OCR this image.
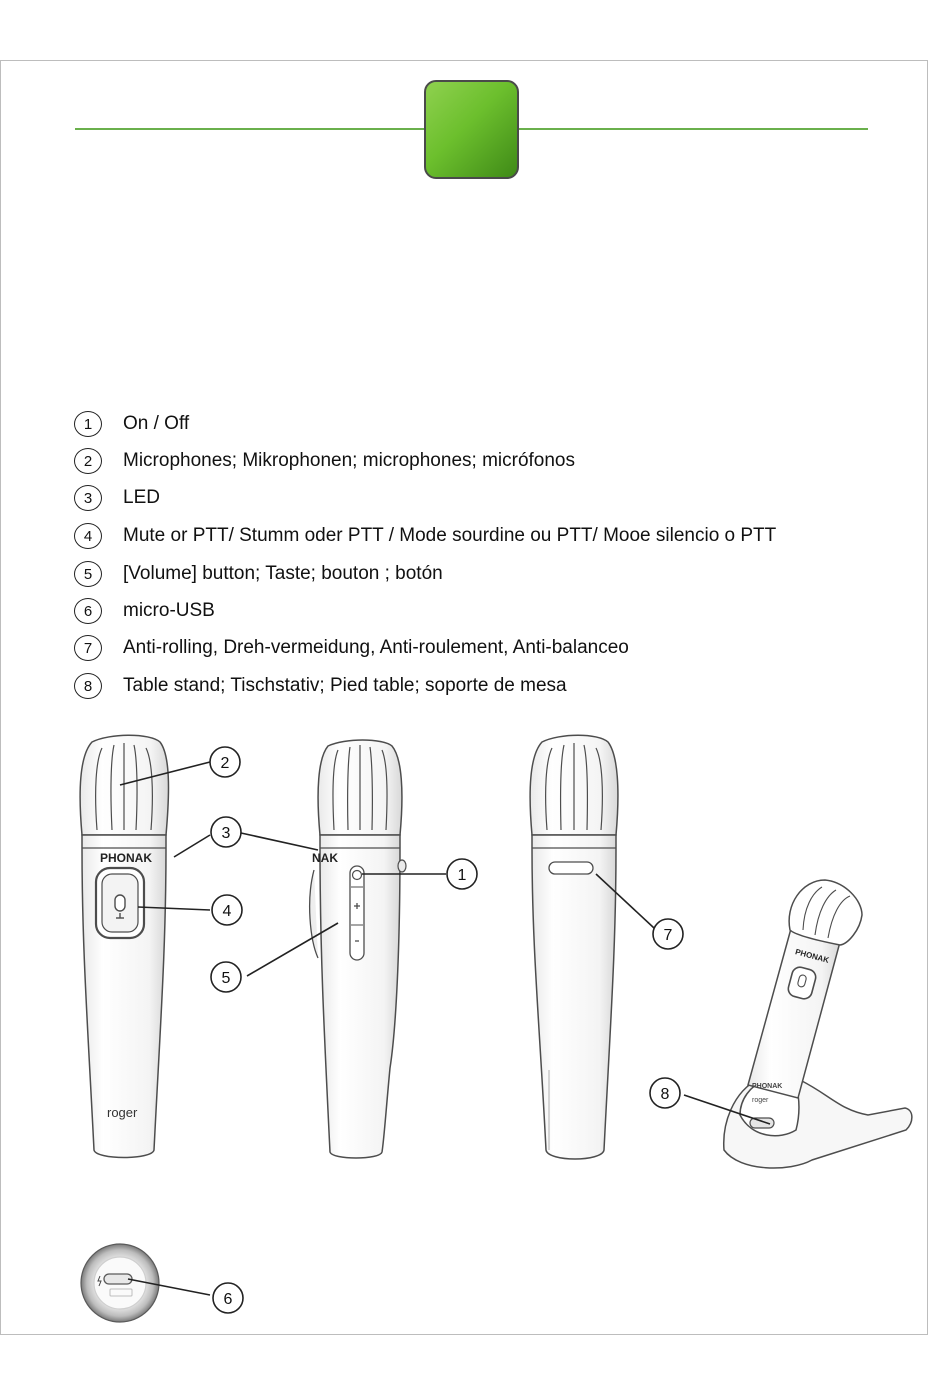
1	On / Off
2	Microphones; Mikrophonen; microphones; micrófonos
3	LED
4	Mute or PTT/ Stumm oder PTT / Mode sourdine ou PTT/ Mooe silencio o PTT
5	[Volume] button; Taste; bouton ; botón
6	micro-USB
7	Anti-rolling, Dreh-vermeidung, Anti-roulement, Anti-balanceo
8	Table stand; Tischstativ; Pied table; soporte de mesa
PHONAK
roger
NAK
PHONAK
PHONAK
roger
2
3
4
5
1
7
8
6
